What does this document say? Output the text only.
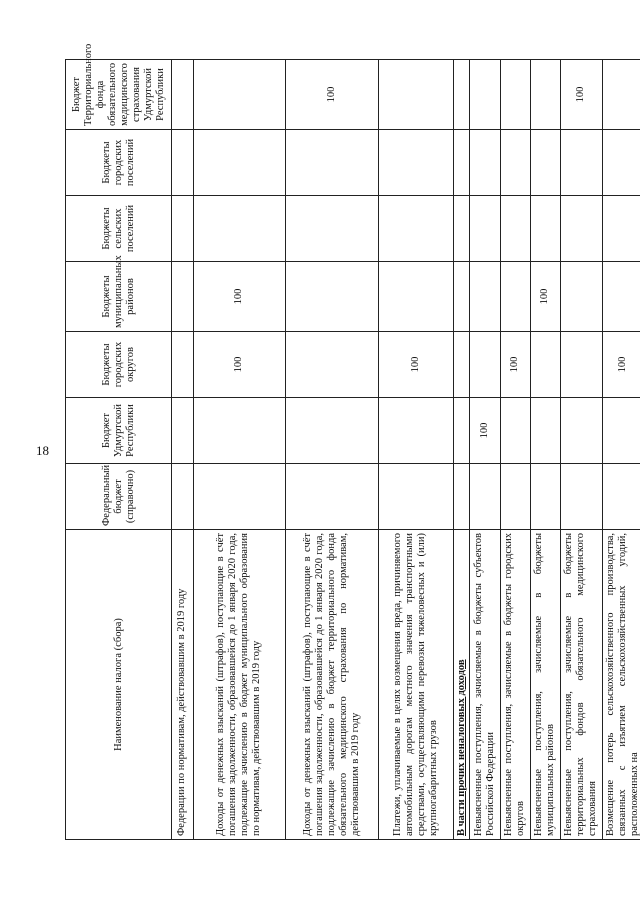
18
Наименование налога (сбора)	Федеральный бюджет (справочно)	Бюджет Удмуртской Республики	Бюджеты городских округов	Бюджеты муниципальных районов	Бюджеты сельских поселений	Бюджеты городских поселений	Бюджет Территориального фонда обязательного медицинского страхования Удмуртской Республики
Федерации по нормативам, действовавшим в 2019 году							
Доходы от денежных взысканий (штрафов), поступающие в счёт погашения задолженности, образовавшейся до 1 января 2020 года, подлежащие зачислению в бюджет муниципального образования по нормативам, действовавшим в 2019 году			100	100			
Доходы от денежных взысканий (штрафов), поступающие в счёт погашения задолженности, образовавшейся до 1 января 2020 года, подлежащие зачислению в бюджет территориального фонда обязательного медицинского страхования по нормативам, действовавшим в 2019 году							100
Платежи, уплачиваемые в целях возмещения вреда, причиняемого автомобильным дорогам местного значения транспортными средствами, осуществляющими перевозки тяжеловесных и (или) крупногабаритных грузов			100				
В части прочих неналоговых доходов							
Невыясненные поступления, зачисляемые в бюджеты субъектов Российской Федерации		100					
Невыясненные поступления, зачисляемые в бюджеты городских округов			100				
Невыясненные поступления, зачисляемые в бюджеты муниципальных районов				100			
Невыясненные поступления, зачисляемые в бюджеты территориальных фондов обязательного медицинского страхования							100
Возмещение потерь сельскохозяйственного производства, связанных с изъятием сельскохозяйственных угодий, расположенных на			100				
